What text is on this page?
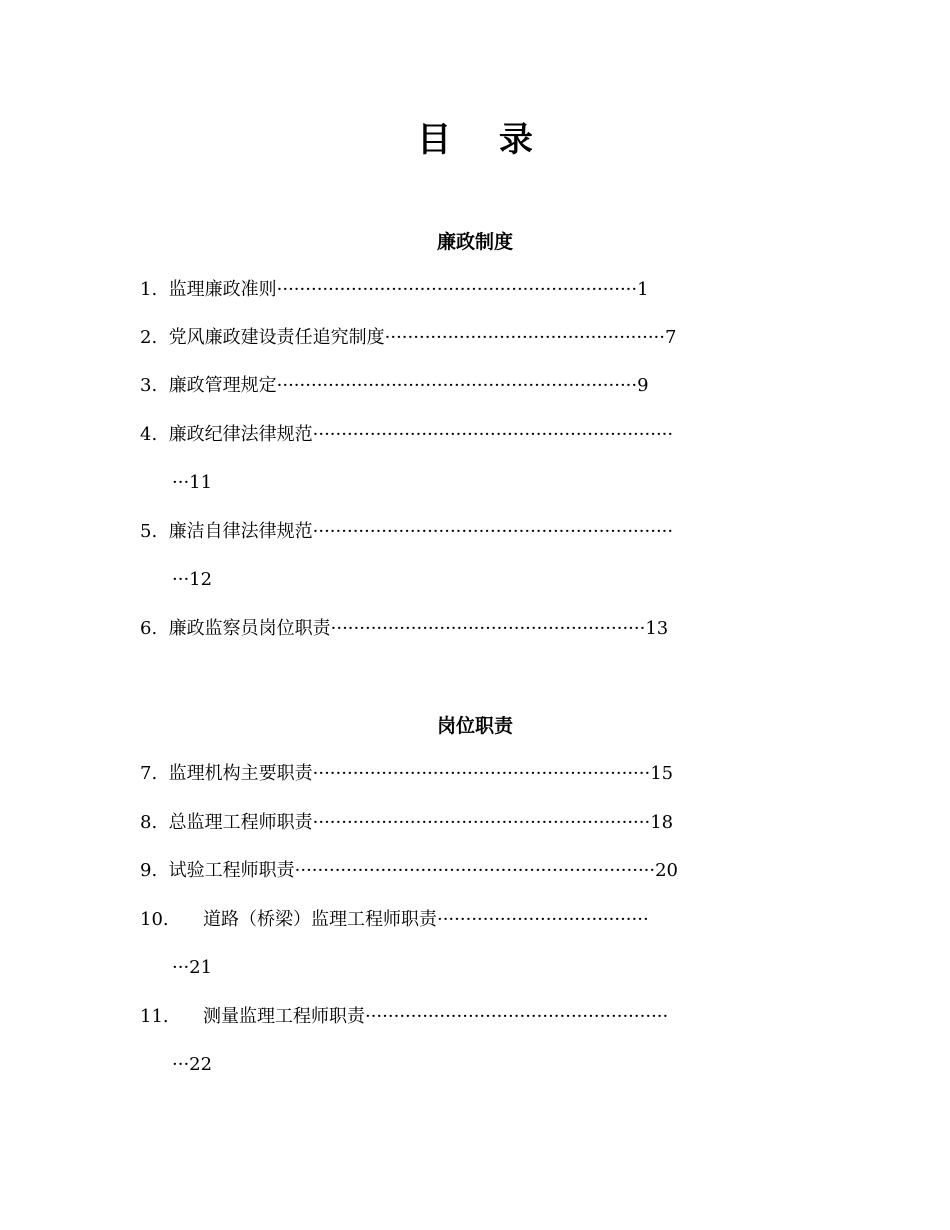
目 录
廉政制度
1. 监理廉政准则·······························································1
2. 党风廉政建设责任追究制度·················································7
3. 廉政管理规定·······························································9
4. 廉政纪律法律规范·······························································
···11
5. 廉洁自律法律规范·······························································
···12
6. 廉政监察员岗位职责·······················································13
岗位职责
7. 监理机构主要职责···························································15
8. 总监理工程师职责···························································18
9. 试验工程师职责·······························································20
10. 道路（桥梁）监理工程师职责·····································
···21
11. 测量监理工程师职责·····················································
···22
